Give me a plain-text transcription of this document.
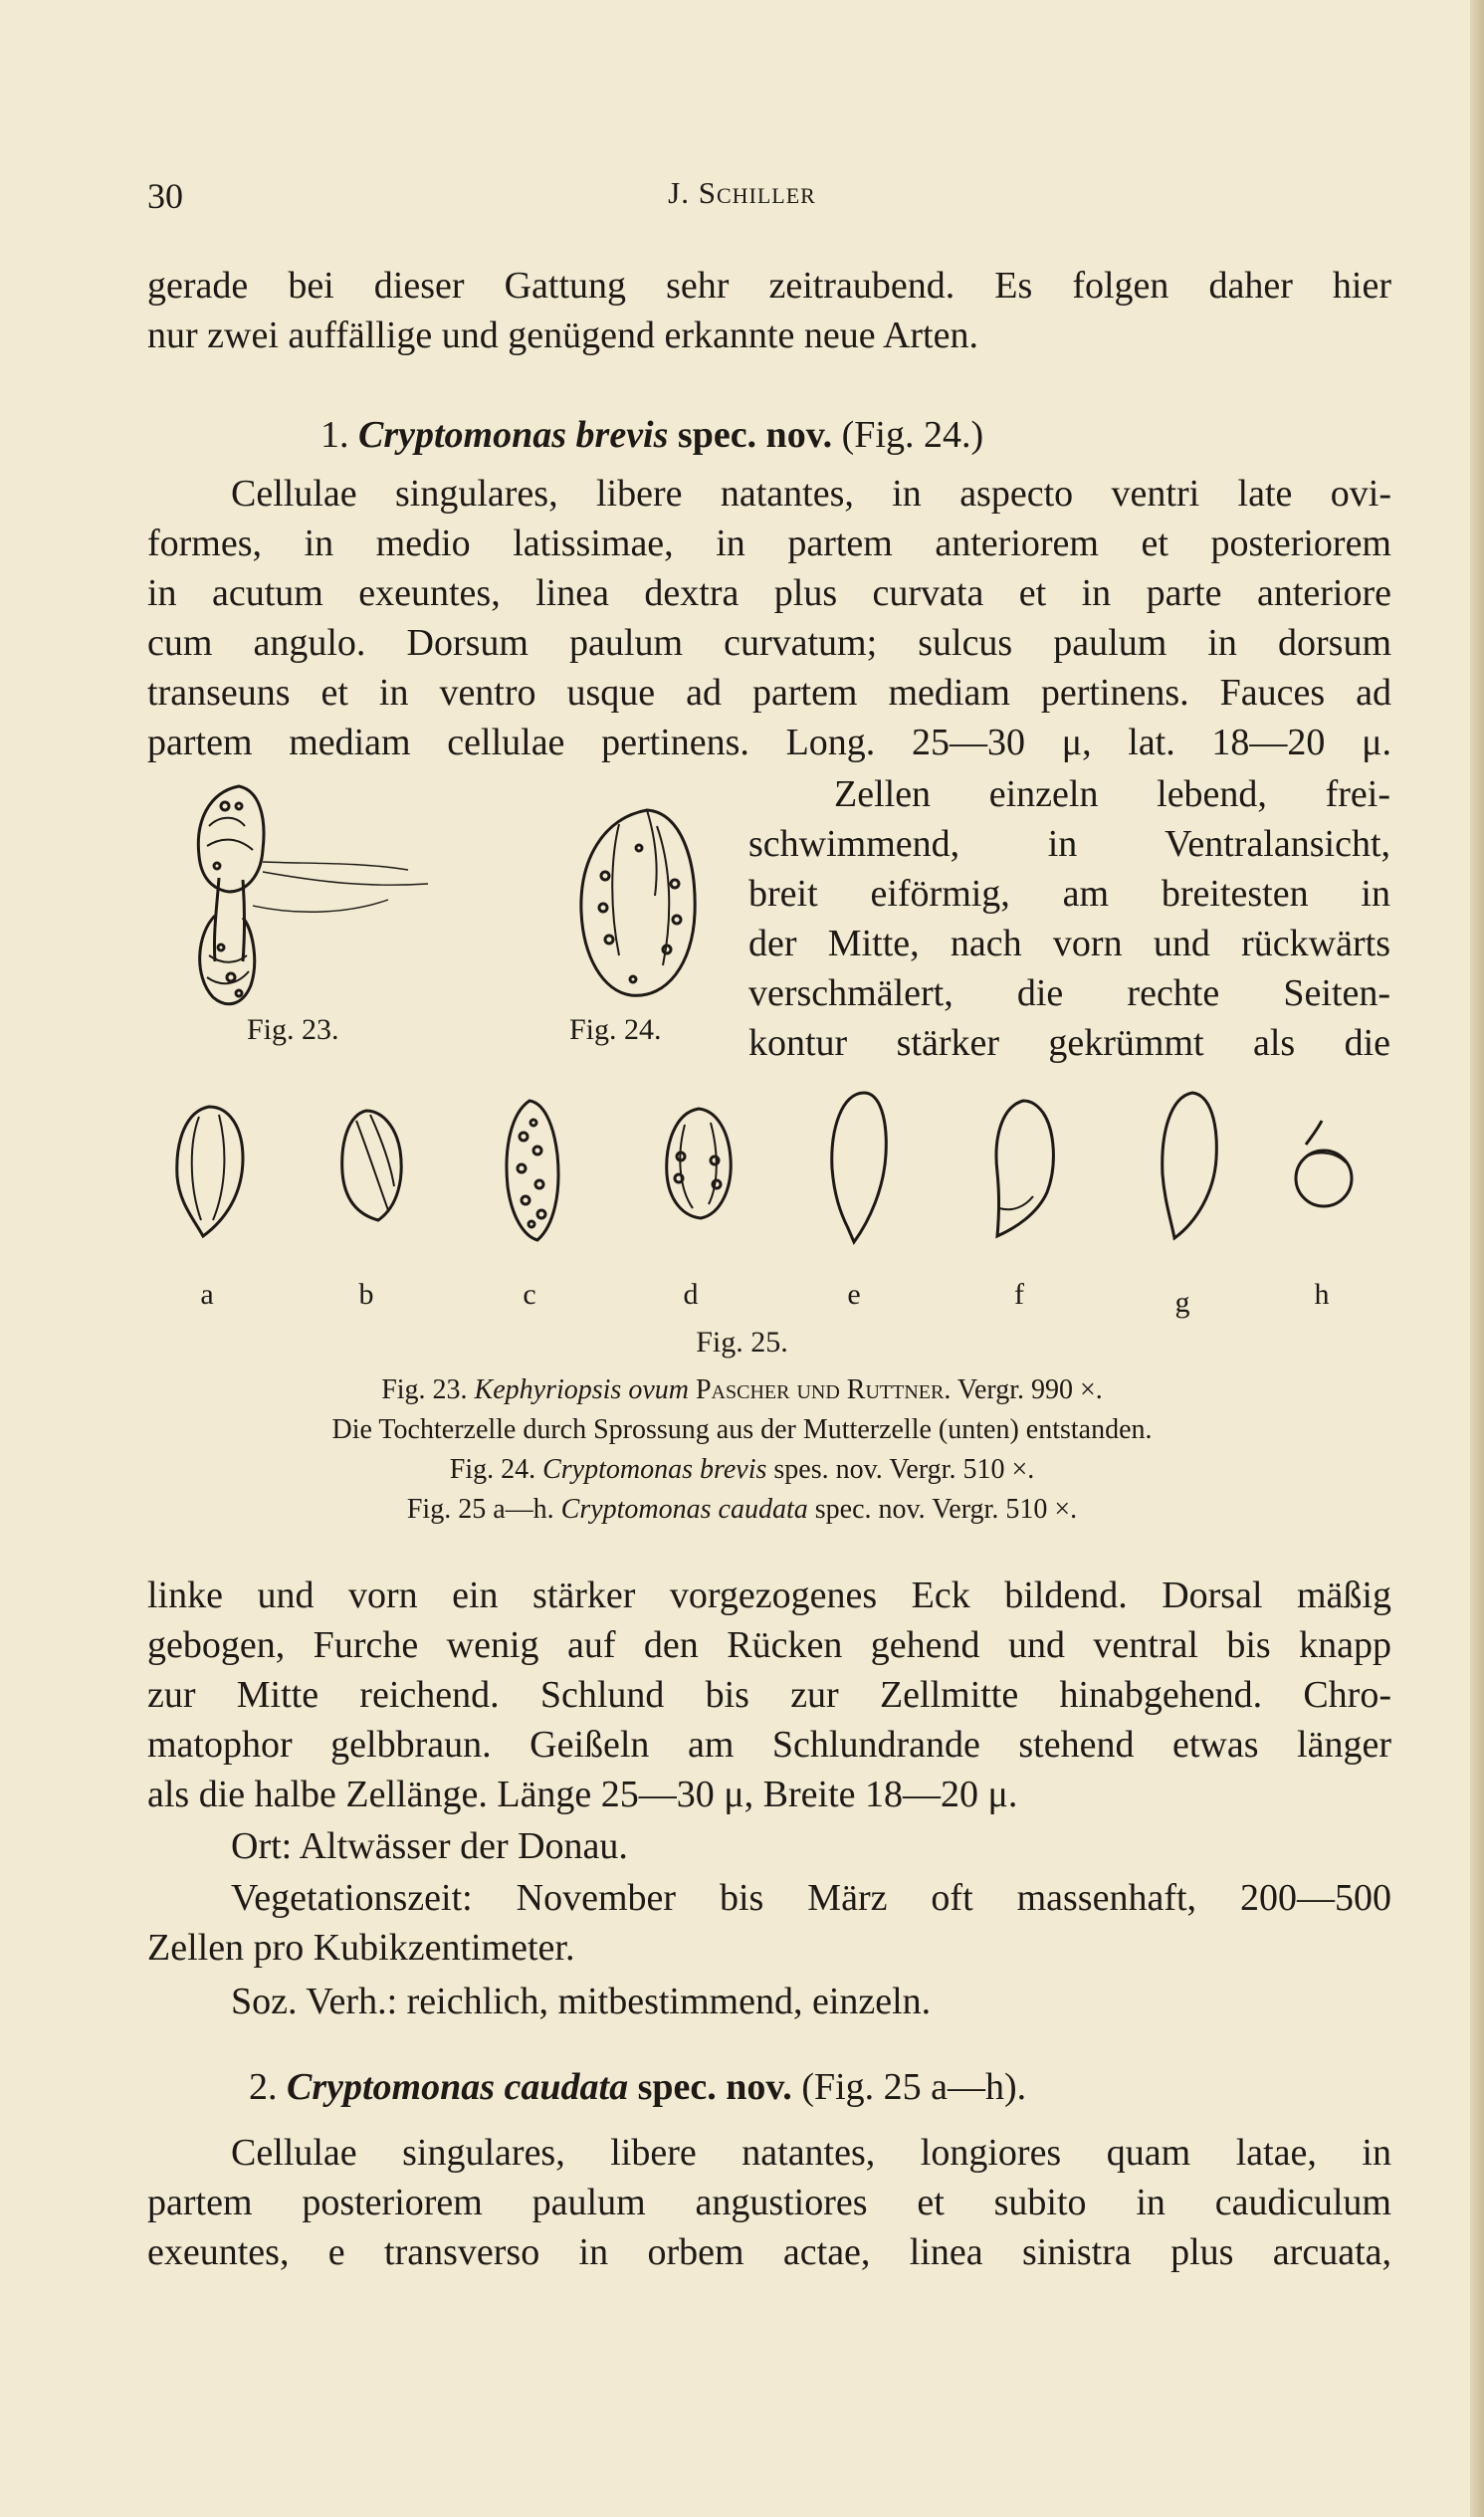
30	J. Schiller
gerade bei dieser Gattung sehr zeitraubend. Es folgen daher hier
nur zwei auffällige und genügend erkannte neue Arten.
1. Cryptomonas brevis spec. nov. (Fig. 24.)
Cellulae singulares, libere natantes, in aspecto ventri late ovi-
formes, in medio latissimae, in partem anteriorem et posteriorem
in acutum exeuntes, linea dextra plus curvata et in parte anteriore
cum angulo. Dorsum paulum curvatum; sulcus paulum in dorsum
transeuns et in ventro usque ad partem mediam pertinens. Fauces ad
partem mediam cellulae pertinens. Long. 25—30 μ, lat. 18—20 μ.
Fig. 23.	Fig. 24.
Zellen einzeln lebend, frei-
schwimmend, in Ventralansicht,
breit eiförmig, am breitesten in
der Mitte, nach vorn und rückwärts
verschmälert, die rechte Seiten-
kontur stärker gekrümmt als die
a	b	c	d	e	f	g	h
Fig. 25.
Fig. 23. Kephyriopsis ovum Pascher und Ruttner. Vergr. 990 ×.
Die Tochterzelle durch Sprossung aus der Mutterzelle (unten) entstanden.
Fig. 24. Cryptomonas brevis spes. nov. Vergr. 510 ×.
Fig. 25 a—h. Cryptomonas caudata spec. nov. Vergr. 510 ×.
linke und vorn ein stärker vorgezogenes Eck bildend. Dorsal mäßig
gebogen, Furche wenig auf den Rücken gehend und ventral bis knapp
zur Mitte reichend. Schlund bis zur Zellmitte hinabgehend. Chro-
matophor gelbbraun. Geißeln am Schlundrande stehend etwas länger
als die halbe Zellänge. Länge 25—30 μ, Breite 18—20 μ.
Ort: Altwässer der Donau.
Vegetationszeit: November bis März oft massenhaft, 200—500
Zellen pro Kubikzentimeter.
Soz. Verh.: reichlich, mitbestimmend, einzeln.
2. Cryptomonas caudata spec. nov. (Fig. 25 a—h).
Cellulae singulares, libere natantes, longiores quam latae, in
partem posteriorem paulum angustiores et subito in caudiculum
exeuntes, e transverso in orbem actae, linea sinistra plus arcuata,
